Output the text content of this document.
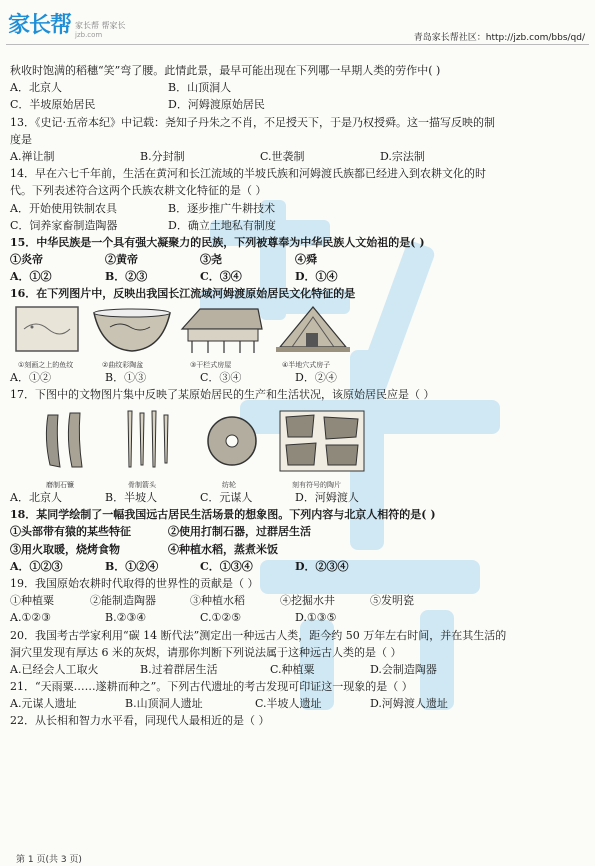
家长帮 家长帮 帮家长
jzb.com	青岛家长帮社区：http://jzb.com/bbs/qd/
秋收时饱满的稻穗“笑”弯了腰。此情此景，最早可能出现在下列哪一早期人类的劳作中( )
A．北京人	B．山顶洞人
C．半坡原始居民	D．河姆渡原始居民
13．《史记·五帝本纪》中记载：尧知子丹朱之不肖，不足授天下，于是乃权授舜。这一描写反映的制
度是
A.禅让制	B.分封制	C.世袭制	D.宗法制
14．早在六七千年前，生活在黄河和长江流域的半坡氏族和河姆渡氏族都已经进入到农耕文化的时
代。下列表述符合这两个氏族农耕文化特征的是（ ）
A．开始使用铁制农具	B．逐步推广牛耕技术
C．饲养家畜制造陶器	D．确立土地私有制度
15．中华民族是一个具有强大凝聚力的民族，下列被尊奉为中华民族人文始祖的是( )
①炎帝	②黄帝	③尧	④舜
A．①②	B．②③	C．③④	D．①④
16．在下列图片中，反映出我国长江流域河姆渡原始居民文化特征的是
①刻画之上的鱼纹	②曲纹彩陶盆	③干栏式房屋	④半地穴式房子
A．①②	B．①③	C．③④	D．②④
17．下图中的文物图片集中反映了某原始居民的生产和生活状况，该原始居民应是（ ）
磨制石镰	骨制箭头	纺轮	刻有符号的陶片
A．北京人	B．半坡人	C．元谋人	D．河姆渡人
18．某同学绘制了一幅我国远古居民生活场景的想象图。下列内容与北京人相符的是( )
①头部带有猿的某些特征	②使用打制石器，过群居生活
③用火取暖，烧烤食物	④种植水稻，蒸煮米饭
A．①②③	B．①②④	C．①③④	D．②③④
19．我国原始农耕时代取得的世界性的贡献是（ ）
①种植粟	②能制造陶器	③种植水稻	④挖掘水井	⑤发明瓷
A.①②③	B.②③④	C.①②⑤	D.①③⑤
20．我国考古学家利用“碳 14 断代法”测定出一种远古人类，距今约 50 万年左右时间，并在其生活的
洞穴里发现有厚达 6 米的灰烬，请那你判断下列说法属于这种远古人类的是（ ）
A.已经会人工取火	B.过着群居生活	C.种植粟	D.会制造陶器
21．“天雨粟……遂耕而种之”。下列古代遗址的考古发现可印证这一现象的是（ ）
A.元谋人遗址	B.山顶洞人遗址	C.半坡人遗址	D.河姆渡人遗址
22．从长相和智力水平看，同现代人最相近的是（ ）
第 1 页(共 3 页)
